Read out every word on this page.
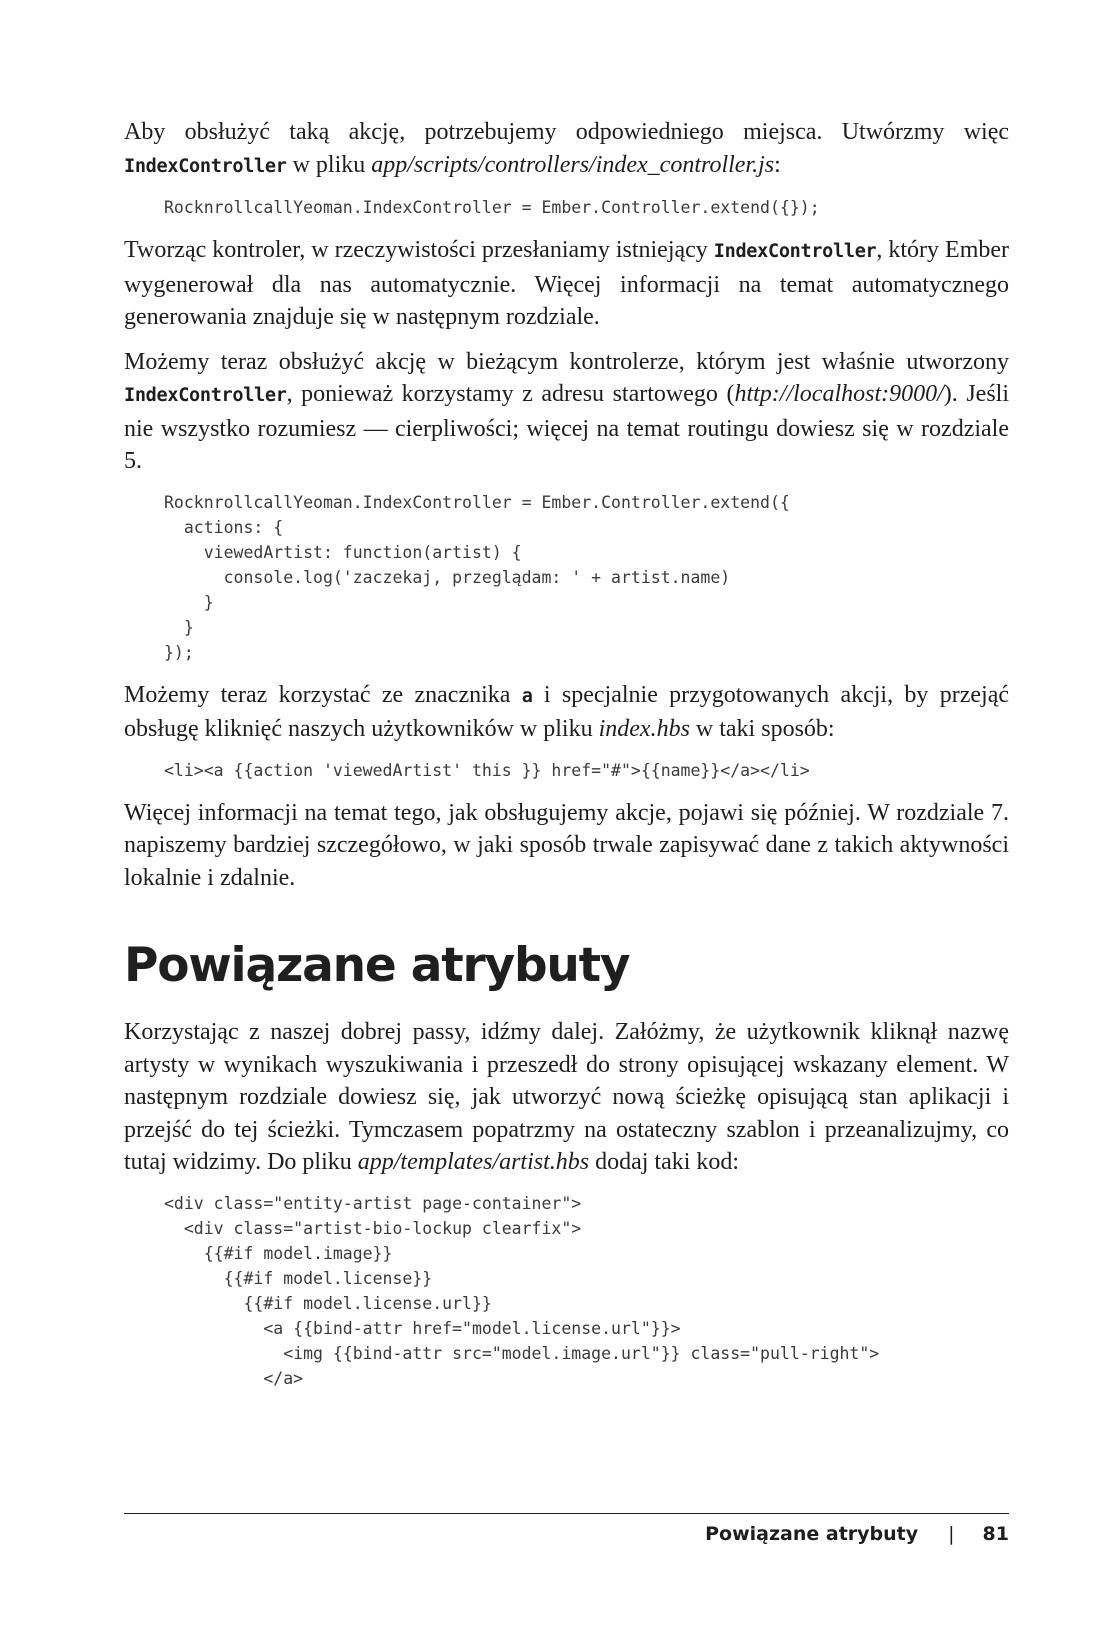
Aby obsłużyć taką akcję, potrzebujemy odpowiedniego miejsca. Utwórzmy więc IndexController w pliku app/scripts/controllers/index_controller.js:

RocknrollcallYeoman.IndexController = Ember.Controller.extend({});

Tworząc kontroler, w rzeczywistości przesłaniamy istniejący IndexController, który Ember wygenerował dla nas automatycznie. Więcej informacji na temat automatycznego generowania znajduje się w następnym rozdziale.

Możemy teraz obsłużyć akcję w bieżącym kontrolerze, którym jest właśnie utworzony IndexController, ponieważ korzystamy z adresu startowego (http://localhost:9000/). Jeśli nie wszystko rozumiesz — cierpliwości; więcej na temat routingu dowiesz się w rozdziale 5.

RocknrollcallYeoman.IndexController = Ember.Controller.extend({
actions: {
viewedArtist: function(artist) {
console.log('zaczekaj, przeglądam: ' + artist.name)
}
}
});

Możemy teraz korzystać ze znacznika a i specjalnie przygotowanych akcji, by przejąć obsługę kliknięć naszych użytkowników w pliku index.hbs w taki sposób:

<li><a {{action 'viewedArtist' this }} href="#">{{name}}</a></li>

Więcej informacji na temat tego, jak obsługujemy akcje, pojawi się później. W rozdziale 7. napiszemy bardziej szczegółowo, w jaki sposób trwale zapisywać dane z takich aktywności lokalnie i zdalnie.

Powiązane atrybuty

Korzystając z naszej dobrej passy, idźmy dalej. Załóżmy, że użytkownik kliknął nazwę artysty w wynikach wyszukiwania i przeszedł do strony opisującej wskazany element. W następnym rozdziale dowiesz się, jak utworzyć nową ścieżkę opisującą stan aplikacji i przejść do tej ścieżki. Tymczasem popatrzmy na ostateczny szablon i przeanalizujmy, co tutaj widzimy. Do pliku app/templates/artist.hbs dodaj taki kod:

<div class="entity-artist page-container">
<div class="artist-bio-lockup clearfix">
{{#if model.image}}
{{#if model.license}}
{{#if model.license.url}}
<a {{bind-attr href="model.license.url"}}>
<img {{bind-attr src="model.image.url"}} class="pull-right">
</a>
Powiązane atrybuty | 81
